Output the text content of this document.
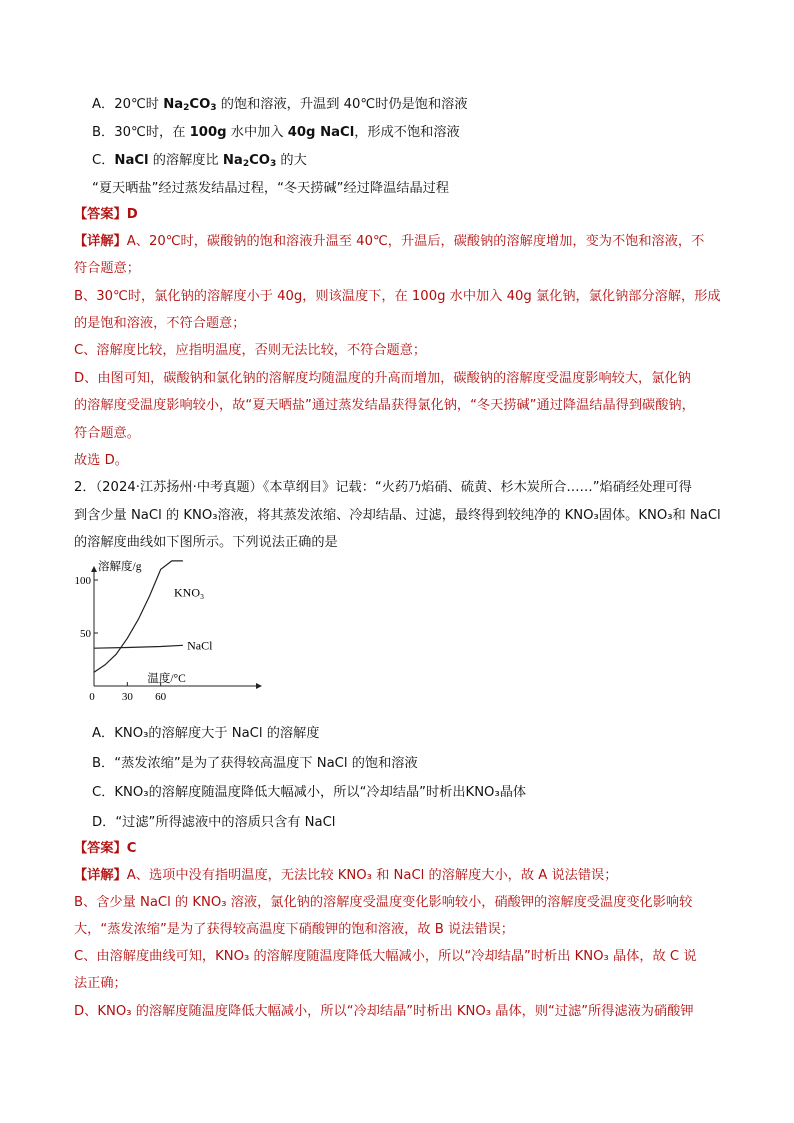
A．20℃时 $Na_2CO_3$ 的饱和溶液，升温到 40℃时仍是饱和溶液
B．30℃时，在 100g 水中加入 40g NaCl，形成不饱和溶液
C．NaCl 的溶解度比 $Na_2CO_3$ 的大
“夏天晒盐”经过蒸发结晶过程，“冬天捞碱”经过降温结晶过程
【答案】D
【详解】A、20℃时，碳酸钠的饱和溶液升温至 40℃，升温后，碳酸钠的溶解度增加，变为不饱和溶液，不
符合题意；
B、30℃时，氯化钠的溶解度小于 40g，则该温度下，在 100g 水中加入 40g 氯化钠，氯化钠部分溶解，形成
的是饱和溶液，不符合题意；
C、溶解度比较，应指明温度，否则无法比较，不符合题意；
D、由图可知，碳酸钠和氯化钠的溶解度均随温度的升高而增加，碳酸钠的溶解度受温度影响较大，氯化钠
的溶解度受温度影响较小，故“夏天晒盐”通过蒸发结晶获得氯化钠，“冬天捞碱”通过降温结晶得到碳酸钠，
符合题意。
故选 D。
2．（2024·江苏扬州·中考真题）《本草纲目》记载：“火药乃焰硝、硫黄、杉木炭所合……”焰硝经处理可得
到含少量 NaCl 的 KNO₃溶液，将其蒸发浓缩、冷却结晶、过滤，最终得到较纯净的 KNO₃固体。KNO₃和 NaCl
的溶解度曲线如下图所示。下列说法正确的是
溶解度/g
温度/°C
100
50
0 30 60
KNO₃
NaCl
A．KNO₃的溶解度大于 NaCl 的溶解度
B．“蒸发浓缩”是为了获得较高温度下 NaCl 的饱和溶液
C．KNO₃的溶解度随温度降低大幅减小，所以“冷却结晶”时析出KNO₃晶体
D．“过滤”所得滤液中的溶质只含有 NaCl
【答案】C
【详解】A、选项中没有指明温度，无法比较 KNO₃ 和 NaCl 的溶解度大小，故 A 说法错误；
B、含少量 NaCl 的 KNO₃ 溶液，氯化钠的溶解度受温度变化影响较小，硝酸钾的溶解度受温度变化影响较
大，“蒸发浓缩”是为了获得较高温度下硝酸钾的饱和溶液，故 B 说法错误；
C、由溶解度曲线可知，KNO₃ 的溶解度随温度降低大幅减小，所以“冷却结晶”时析出 KNO₃ 晶体，故 C 说
法正确；
D、KNO₃ 的溶解度随温度降低大幅减小，所以“冷却结晶”时析出 KNO₃ 晶体，则“过滤”所得滤液为硝酸钾
